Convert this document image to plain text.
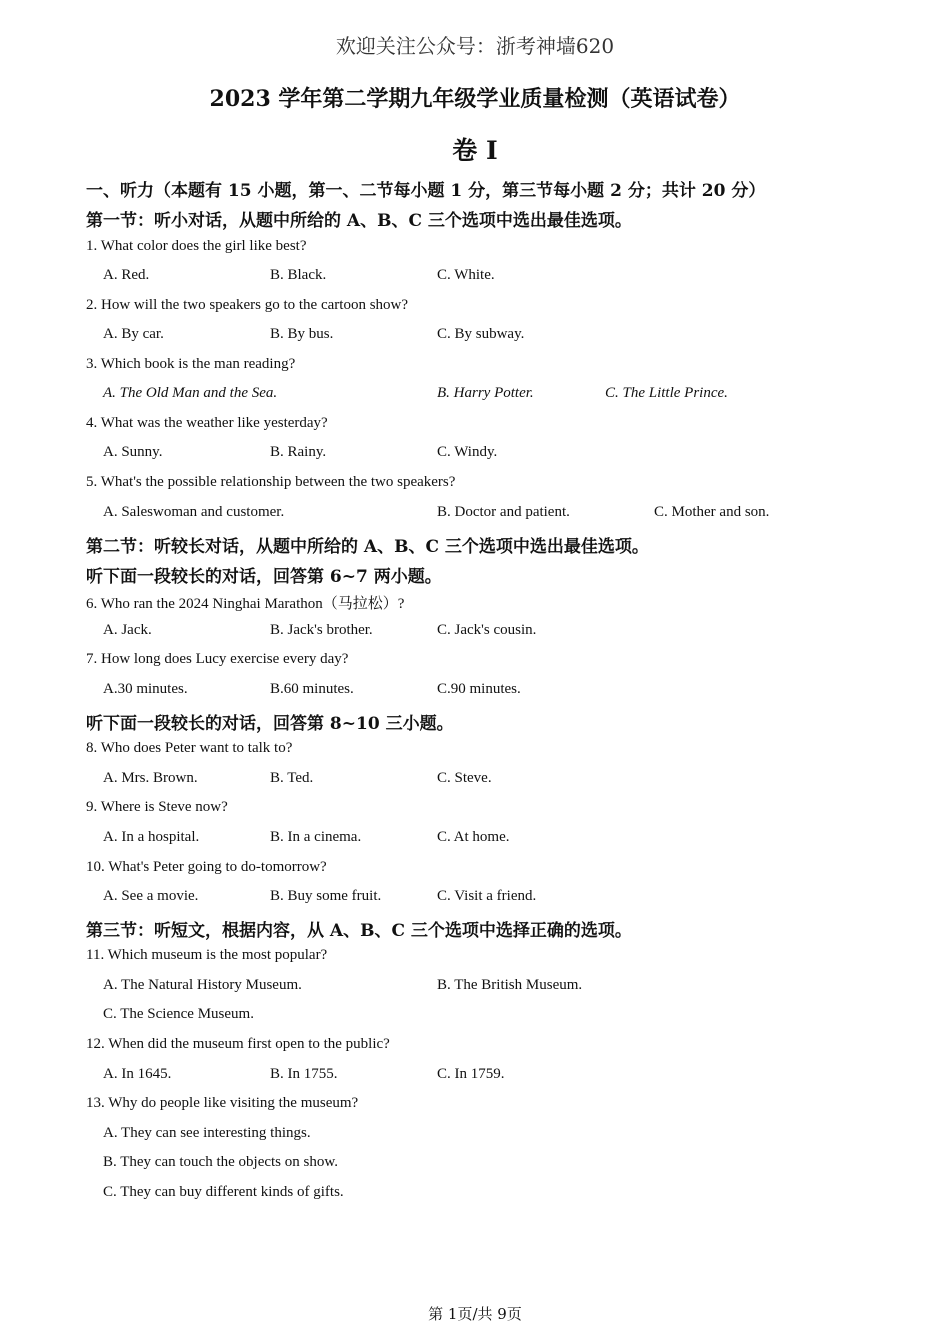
欢迎关注公众号：浙考神墙620
2023 学年第二学期九年级学业质量检测（英语试卷）
卷 I
一、听力（本题有 15 小题，第一、二节每小题 1 分，第三节每小题 2 分；共计 20 分）
第一节：听小对话，从题中所给的 A、B、C 三个选项中选出最佳选项。
1. What color does the girl like best?
A. Red.	B. Black.	C. White.
2. How will the two speakers go to the cartoon show?
A. By car.	B. By bus.	C. By subway.
3. Which book is the man reading?
A. The Old Man and the Sea.	B. Harry Potter.	C. The Little Prince.
4. What was the weather like yesterday?
A. Sunny.	B. Rainy.	C. Windy.
5. What's the possible relationship between the two speakers?
A. Saleswoman and customer.	B. Doctor and patient.	C. Mother and son.
第二节：听较长对话，从题中所给的 A、B、C 三个选项中选出最佳选项。
听下面一段较长的对话，回答第 6~7 两小题。
6. Who ran the 2024 Ninghai Marathon（马拉松）?
A. Jack.	B. Jack's brother.	C. Jack's cousin.
7. How long does Lucy exercise every day?
A.30 minutes.	B.60 minutes.	C.90 minutes.
听下面一段较长的对话，回答第 8~10 三小题。
8. Who does Peter want to talk to?
A. Mrs. Brown.	B. Ted.	C. Steve.
9. Where is Steve now?
A. In a hospital.	B. In a cinema.	C. At home.
10. What's Peter going to do-tomorrow?
A. See a movie.	B. Buy some fruit.	C. Visit a friend.
第三节：听短文，根据内容，从 A、B、C 三个选项中选择正确的选项。
11. Which museum is the most popular?
A. The Natural History Museum.	B. The British Museum.
C. The Science Museum.
12. When did the museum first open to the public?
A. In 1645.	B. In 1755.	C. In 1759.
13. Why do people like visiting the museum?
A. They can see interesting things.
B. They can touch the objects on show.
C. They can buy different kinds of gifts.
第 1页/共 9页
